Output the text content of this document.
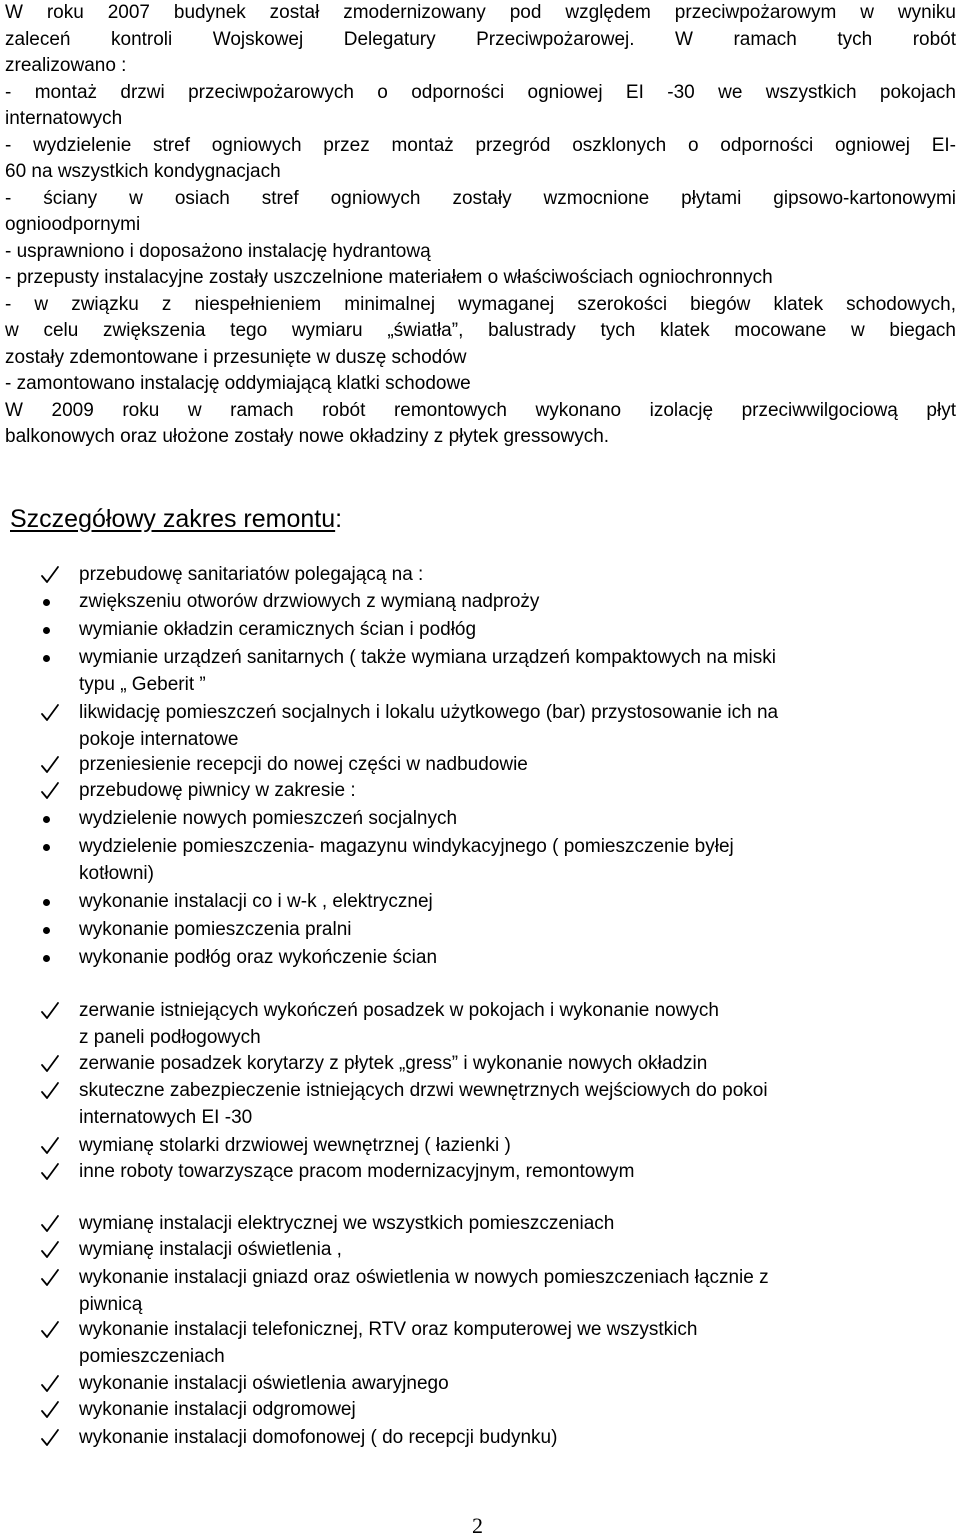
W roku 2007 budynek został zmodernizowany pod względem przeciwpożarowym w wyniku

zaleceń kontroli Wojskowej Delegatury Przeciwpożarowej. W ramach tych robót

zrealizowano :

- montaż drzwi przeciwpożarowych o odporności ogniowej EI -30 we wszystkich pokojach

internatowych

- wydzielenie stref ogniowych przez montaż przegród oszklonych o odporności ogniowej EI-

60 na wszystkich kondygnacjach

- ściany w osiach stref ogniowych zostały wzmocnione płytami gipsowo-kartonowymi

ognioodpornymi

- usprawniono i doposażono instalację hydrantową

- przepusty instalacyjne zostały uszczelnione materiałem o właściwościach ogniochronnych

- w związku z niespełnieniem minimalnej wymaganej szerokości biegów klatek schodowych,

w celu zwiększenia tego wymiaru „światła”, balustrady tych klatek mocowane w biegach

zostały zdemontowane i przesunięte w duszę schodów

- zamontowano instalację oddymiającą klatki schodowe

W 2009 roku w ramach robót remontowych wykonano izolację przeciwwilgociową płyt

balkonowych oraz ułożone zostały nowe okładziny z płytek gressowych.

Szczegółowy zakres remontu:
przebudowę sanitariatów polegającą na :
zwiększeniu otworów drzwiowych z wymianą nadproży
wymianie okładzin ceramicznych ścian i podłóg
wymianie urządzeń sanitarnych ( także wymiana urządzeń kompaktowych na miski
typu „ Geberit ”
likwidację pomieszczeń socjalnych i lokalu użytkowego (bar) przystosowanie ich na
pokoje internatowe
przeniesienie recepcji do nowej części w nadbudowie
przebudowę piwnicy w zakresie :
wydzielenie nowych pomieszczeń socjalnych
wydzielenie pomieszczenia- magazynu windykacyjnego ( pomieszczenie byłej
kotłowni)
wykonanie instalacji co i w-k , elektrycznej
wykonanie pomieszczenia pralni
wykonanie podłóg oraz wykończenie ścian
zerwanie istniejących wykończeń posadzek w pokojach i wykonanie nowych
z paneli podłogowych
zerwanie posadzek korytarzy z płytek „gress” i wykonanie nowych okładzin
skuteczne zabezpieczenie istniejących drzwi wewnętrznych wejściowych do pokoi
internatowych EI -30
wymianę stolarki drzwiowej wewnętrznej ( łazienki )
inne roboty towarzyszące pracom modernizacyjnym, remontowym
wymianę instalacji elektrycznej we wszystkich pomieszczeniach
wymianę instalacji oświetlenia ,
wykonanie instalacji gniazd oraz oświetlenia w nowych pomieszczeniach łącznie z
piwnicą
wykonanie instalacji telefonicznej, RTV oraz komputerowej we wszystkich
pomieszczeniach
wykonanie instalacji oświetlenia awaryjnego
wykonanie instalacji odgromowej
wykonanie instalacji domofonowej ( do recepcji budynku)

2
